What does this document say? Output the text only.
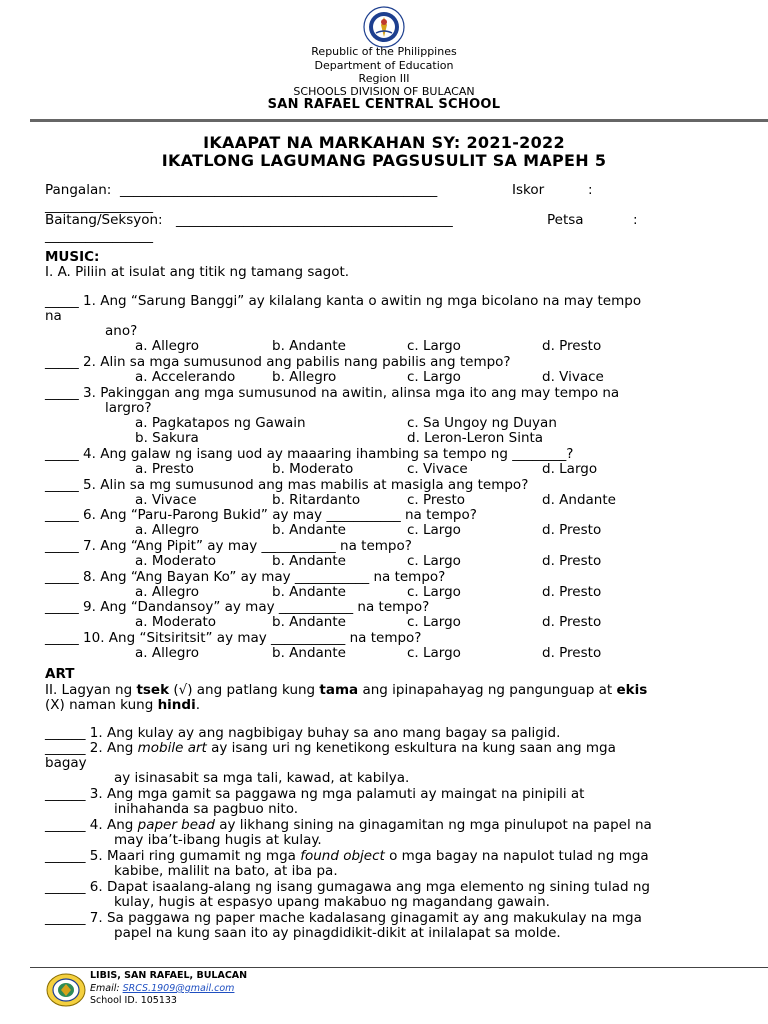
Republic of the Philippines
Department of Education
Region III
SCHOOLS DIVISION OF BULACAN
SAN RAFAEL CENTRAL SCHOOL
IKAAPAT NA MARKAHAN SY: 2021-2022
IKATLONG LAGUMANG PAGSUSULIT SA MAPEH 5
Pangalan: _______________________________________________	Iskor	:
________________
Baitang/Seksyon: _________________________________________	Petsa	:
________________
MUSIC:
I. A. Piliin at isulat ang titik ng tamang sagot.
_____ 1. Ang “Sarung Banggi” ay kilalang kanta o awitin ng mga bicolano na may tempo
na
ano?
a. Allegro	b. Andante	c. Largo	d. Presto
_____ 2. Alin sa mga sumusunod ang pabilis nang pabilis ang tempo?
a. Accelerando	b. Allegro	c. Largo	d. Vivace
_____ 3. Pakinggan ang mga sumusunod na awitin, alinsa mga ito ang may tempo na
largro?
a. Pagkatapos ng Gawain	c. Sa Ungoy ng Duyan
b. Sakura	d. Leron-Leron Sinta
_____ 4. Ang galaw ng isang uod ay maaaring ihambing sa tempo ng ________?
a. Presto	b. Moderato	c. Vivace	d. Largo
_____ 5. Alin sa mg sumusunod ang mas mabilis at masigla ang tempo?
a. Vivace	b. Ritardanto	c. Presto	d. Andante
_____ 6. Ang “Paru-Parong Bukid” ay may ___________ na tempo?
a. Allegro	b. Andante	c. Largo	d. Presto
_____ 7. Ang “Ang Pipit” ay may ___________ na tempo?
a. Moderato	b. Andante	c. Largo	d. Presto
_____ 8. Ang “Ang Bayan Ko” ay may ___________ na tempo?
a. Allegro	b. Andante	c. Largo	d. Presto
_____ 9. Ang “Dandansoy” ay may ___________ na tempo?
a. Moderato	b. Andante	c. Largo	d. Presto
_____ 10. Ang “Sitsiritsit” ay may ___________ na tempo?
a. Allegro	b. Andante	c. Largo	d. Presto
ART
II. Lagyan ng tsek (√) ang patlang kung tama ang ipinapahayag ng pangunguap at ekis
(X) naman kung hindi.
______ 1. Ang kulay ay ang nagbibigay buhay sa ano mang bagay sa paligid.
______ 2. Ang mobile art ay isang uri ng kenetikong eskultura na kung saan ang mga
bagay
ay isinasabit sa mga tali, kawad, at kabilya.
______ 3. Ang mga gamit sa paggawa ng mga palamuti ay maingat na pinipili at
inihahanda sa pagbuo nito.
______ 4. Ang paper bead ay likhang sining na ginagamitan ng mga pinulupot na papel na
may iba’t-ibang hugis at kulay.
______ 5. Maari ring gumamit ng mga found object o mga bagay na napulot tulad ng mga
kabibe, malilit na bato, at iba pa.
______ 6. Dapat isaalang-alang ng isang gumagawa ang mga elemento ng sining tulad ng
kulay, hugis at espasyo upang makabuo ng magandang gawain.
______ 7. Sa paggawa ng paper mache kadalasang ginagamit ay ang makukulay na mga
papel na kung saan ito ay pinagdidikit-dikit at inilalapat sa molde.
LIBIS, SAN RAFAEL, BULACAN
Email: SRCS.1909@gmail.com
School ID. 105133
